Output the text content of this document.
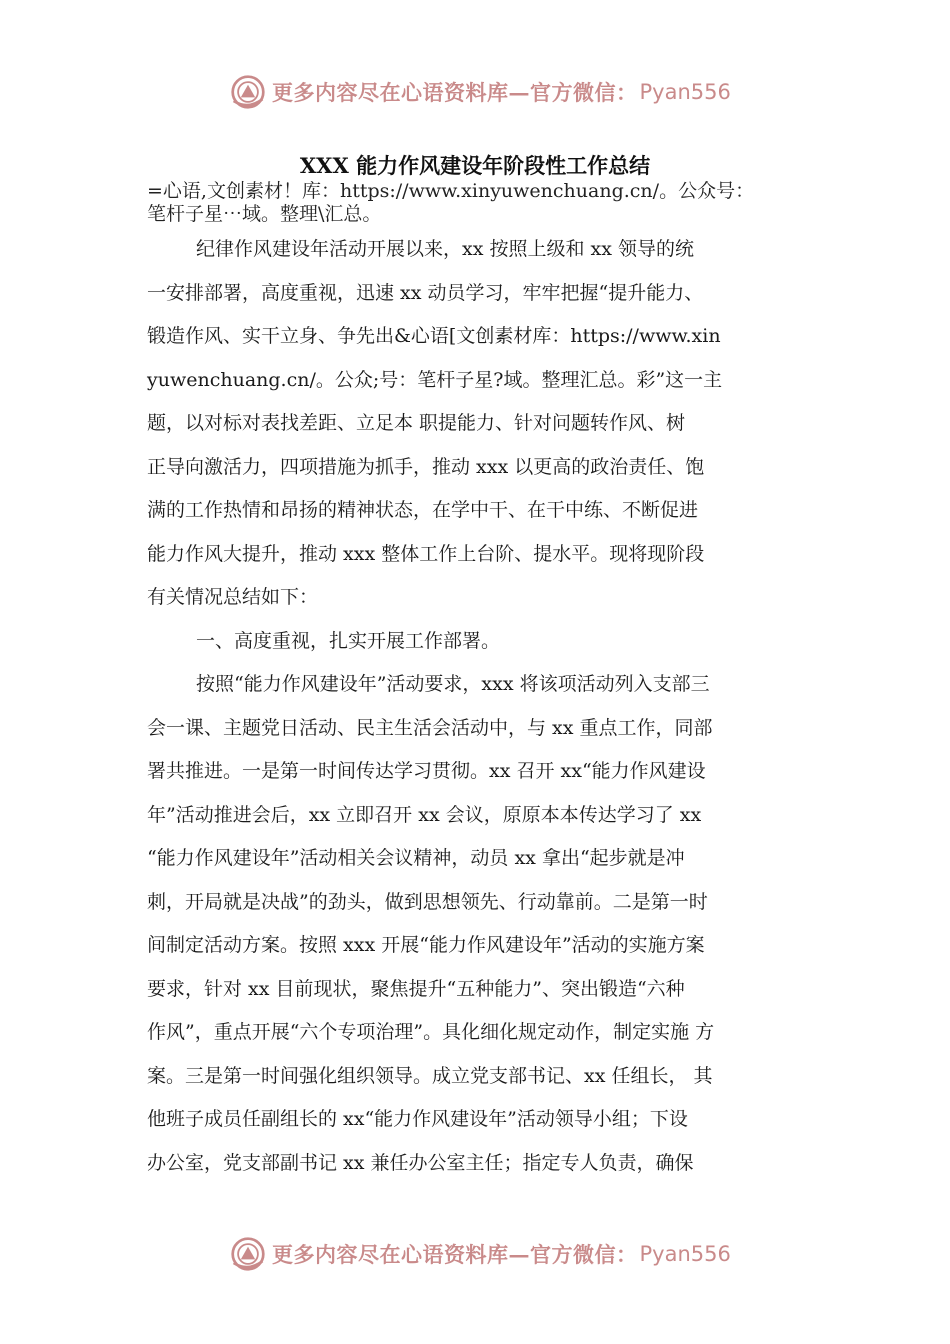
更多内容尽在心语资料库—官方微信： Pyan556
XXX 能力作风建设年阶段性工作总结
=心语,文创素材！库：https://www.xinyuwenchuang.cn/。公众号：
笔杆子星⋯域。整理\汇总。
纪律作风建设年活动开展以来，xx 按照上级和 xx 领导的统
一安排部署，高度重视，迅速 xx 动员学习，牢牢把握“提升能力、
锻造作风、实干立身、争先出&心语[文创素材库：https://www.xin
yuwenchuang.cn/。公众;号：笔杆子星?域。整理汇总。彩”这一主
题，以对标对表找差距、立足本 职提能力、针对问题转作风、树
正导向激活力，四项措施为抓手，推动 xxx 以更高的政治责任、饱
满的工作热情和昂扬的精神状态，在学中干、在干中练、不断促进
能力作风大提升，推动 xxx 整体工作上台阶、提水平。现将现阶段
有关情况总结如下：
一、高度重视，扎实开展工作部署。
按照“能力作风建设年”活动要求，xxx 将该项活动列入支部三
会一课、主题党日活动、民主生活会活动中，与 xx 重点工作，同部
署共推进。一是第一时间传达学习贯彻。xx 召开 xx“能力作风建设
年”活动推进会后，xx 立即召开 xx 会议，原原本本传达学习了 xx
“能力作风建设年”活动相关会议精神，动员 xx 拿出“起步就是冲
刺，开局就是决战”的劲头，做到思想领先、行动靠前。二是第一时
间制定活动方案。按照 xxx 开展“能力作风建设年”活动的实施方案
要求，针对 xx 目前现状，聚焦提升“五种能力”、突出锻造“六种
作风”，重点开展“六个专项治理”。具化细化规定动作，制定实施 方
案。三是第一时间强化组织领导。成立党支部书记、xx 任组长， 其
他班子成员任副组长的 xx“能力作风建设年”活动领导小组；下设
办公室，党支部副书记 xx 兼任办公室主任；指定专人负责，确保
更多内容尽在心语资料库—官方微信： Pyan556
